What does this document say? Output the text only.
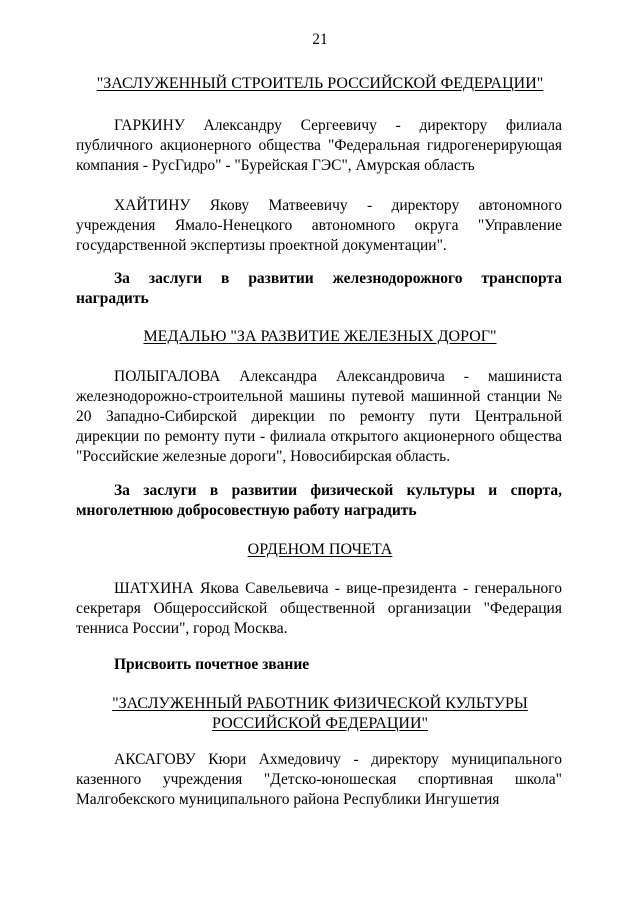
21
"ЗАСЛУЖЕННЫЙ СТРОИТЕЛЬ РОССИЙСКОЙ ФЕДЕРАЦИИ"
ГАРКИНУ Александру Сергеевичу - директору филиала публичного акционерного общества "Федеральная гидрогенерирующая компания - РусГидро" - "Бурейская ГЭС", Амурская область
ХАЙТИНУ Якову Матвеевичу - директору автономного учреждения Ямало-Ненецкого автономного округа "Управление государственной экспертизы проектной документации".
За заслуги в развитии железнодорожного транспорта наградить
МЕДАЛЬЮ "ЗА РАЗВИТИЕ ЖЕЛЕЗНЫХ ДОРОГ"
ПОЛЫГАЛОВА Александра Александровича - машиниста железнодорожно-строительной машины путевой машинной станции № 20 Западно-Сибирской дирекции по ремонту пути Центральной дирекции по ремонту пути - филиала открытого акционерного общества "Российские железные дороги", Новосибирская область.
За заслуги в развитии физической культуры и спорта, многолетнюю добросовестную работу наградить
ОРДЕНОМ ПОЧЕТА
ШАТХИНА Якова Савельевича - вице-президента - генерального секретаря Общероссийской общественной организации "Федерация тенниса России", город Москва.
Присвоить почетное звание
"ЗАСЛУЖЕННЫЙ РАБОТНИК ФИЗИЧЕСКОЙ КУЛЬТУРЫ
РОССИЙСКОЙ ФЕДЕРАЦИИ"
АКСАГОВУ Кюри Ахмедовичу - директору муниципального казенного учреждения "Детско-юношеская спортивная школа" Малгобекского муниципального района Республики Ингушетия
